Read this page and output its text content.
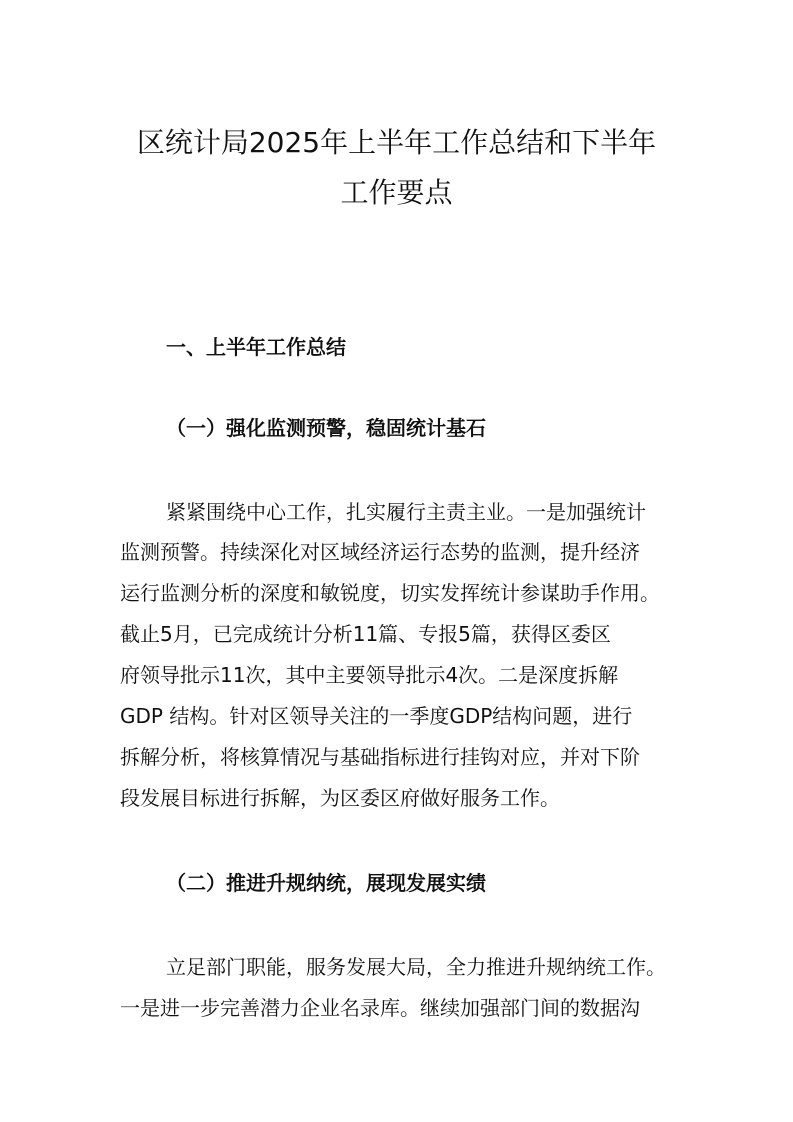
区统计局2025年上半年工作总结和下半年
工作要点
一、上半年工作总结
（一）强化监测预警，稳固统计基石

紧紧围绕中心工作，扎实履行主责主业。一是加强统计

监测预警。持续深化对区域经济运行态势的监测，提升经济

运行监测分析的深度和敏锐度，切实发挥统计参谋助手作用。

截止5月，已完成统计分析11篇、专报5篇，获得区委区

府领导批示11次，其中主要领导批示4次。二是深度拆解

GDP 结构。针对区领导关注的一季度GDP结构问题，进行

拆解分析，将核算情况与基础指标进行挂钩对应，并对下阶

段发展目标进行拆解，为区委区府做好服务工作。

（二）推进升规纳统，展现发展实绩

立足部门职能，服务发展大局，全力推进升规纳统工作。

一是进一步完善潜力企业名录库。继续加强部门间的数据沟
